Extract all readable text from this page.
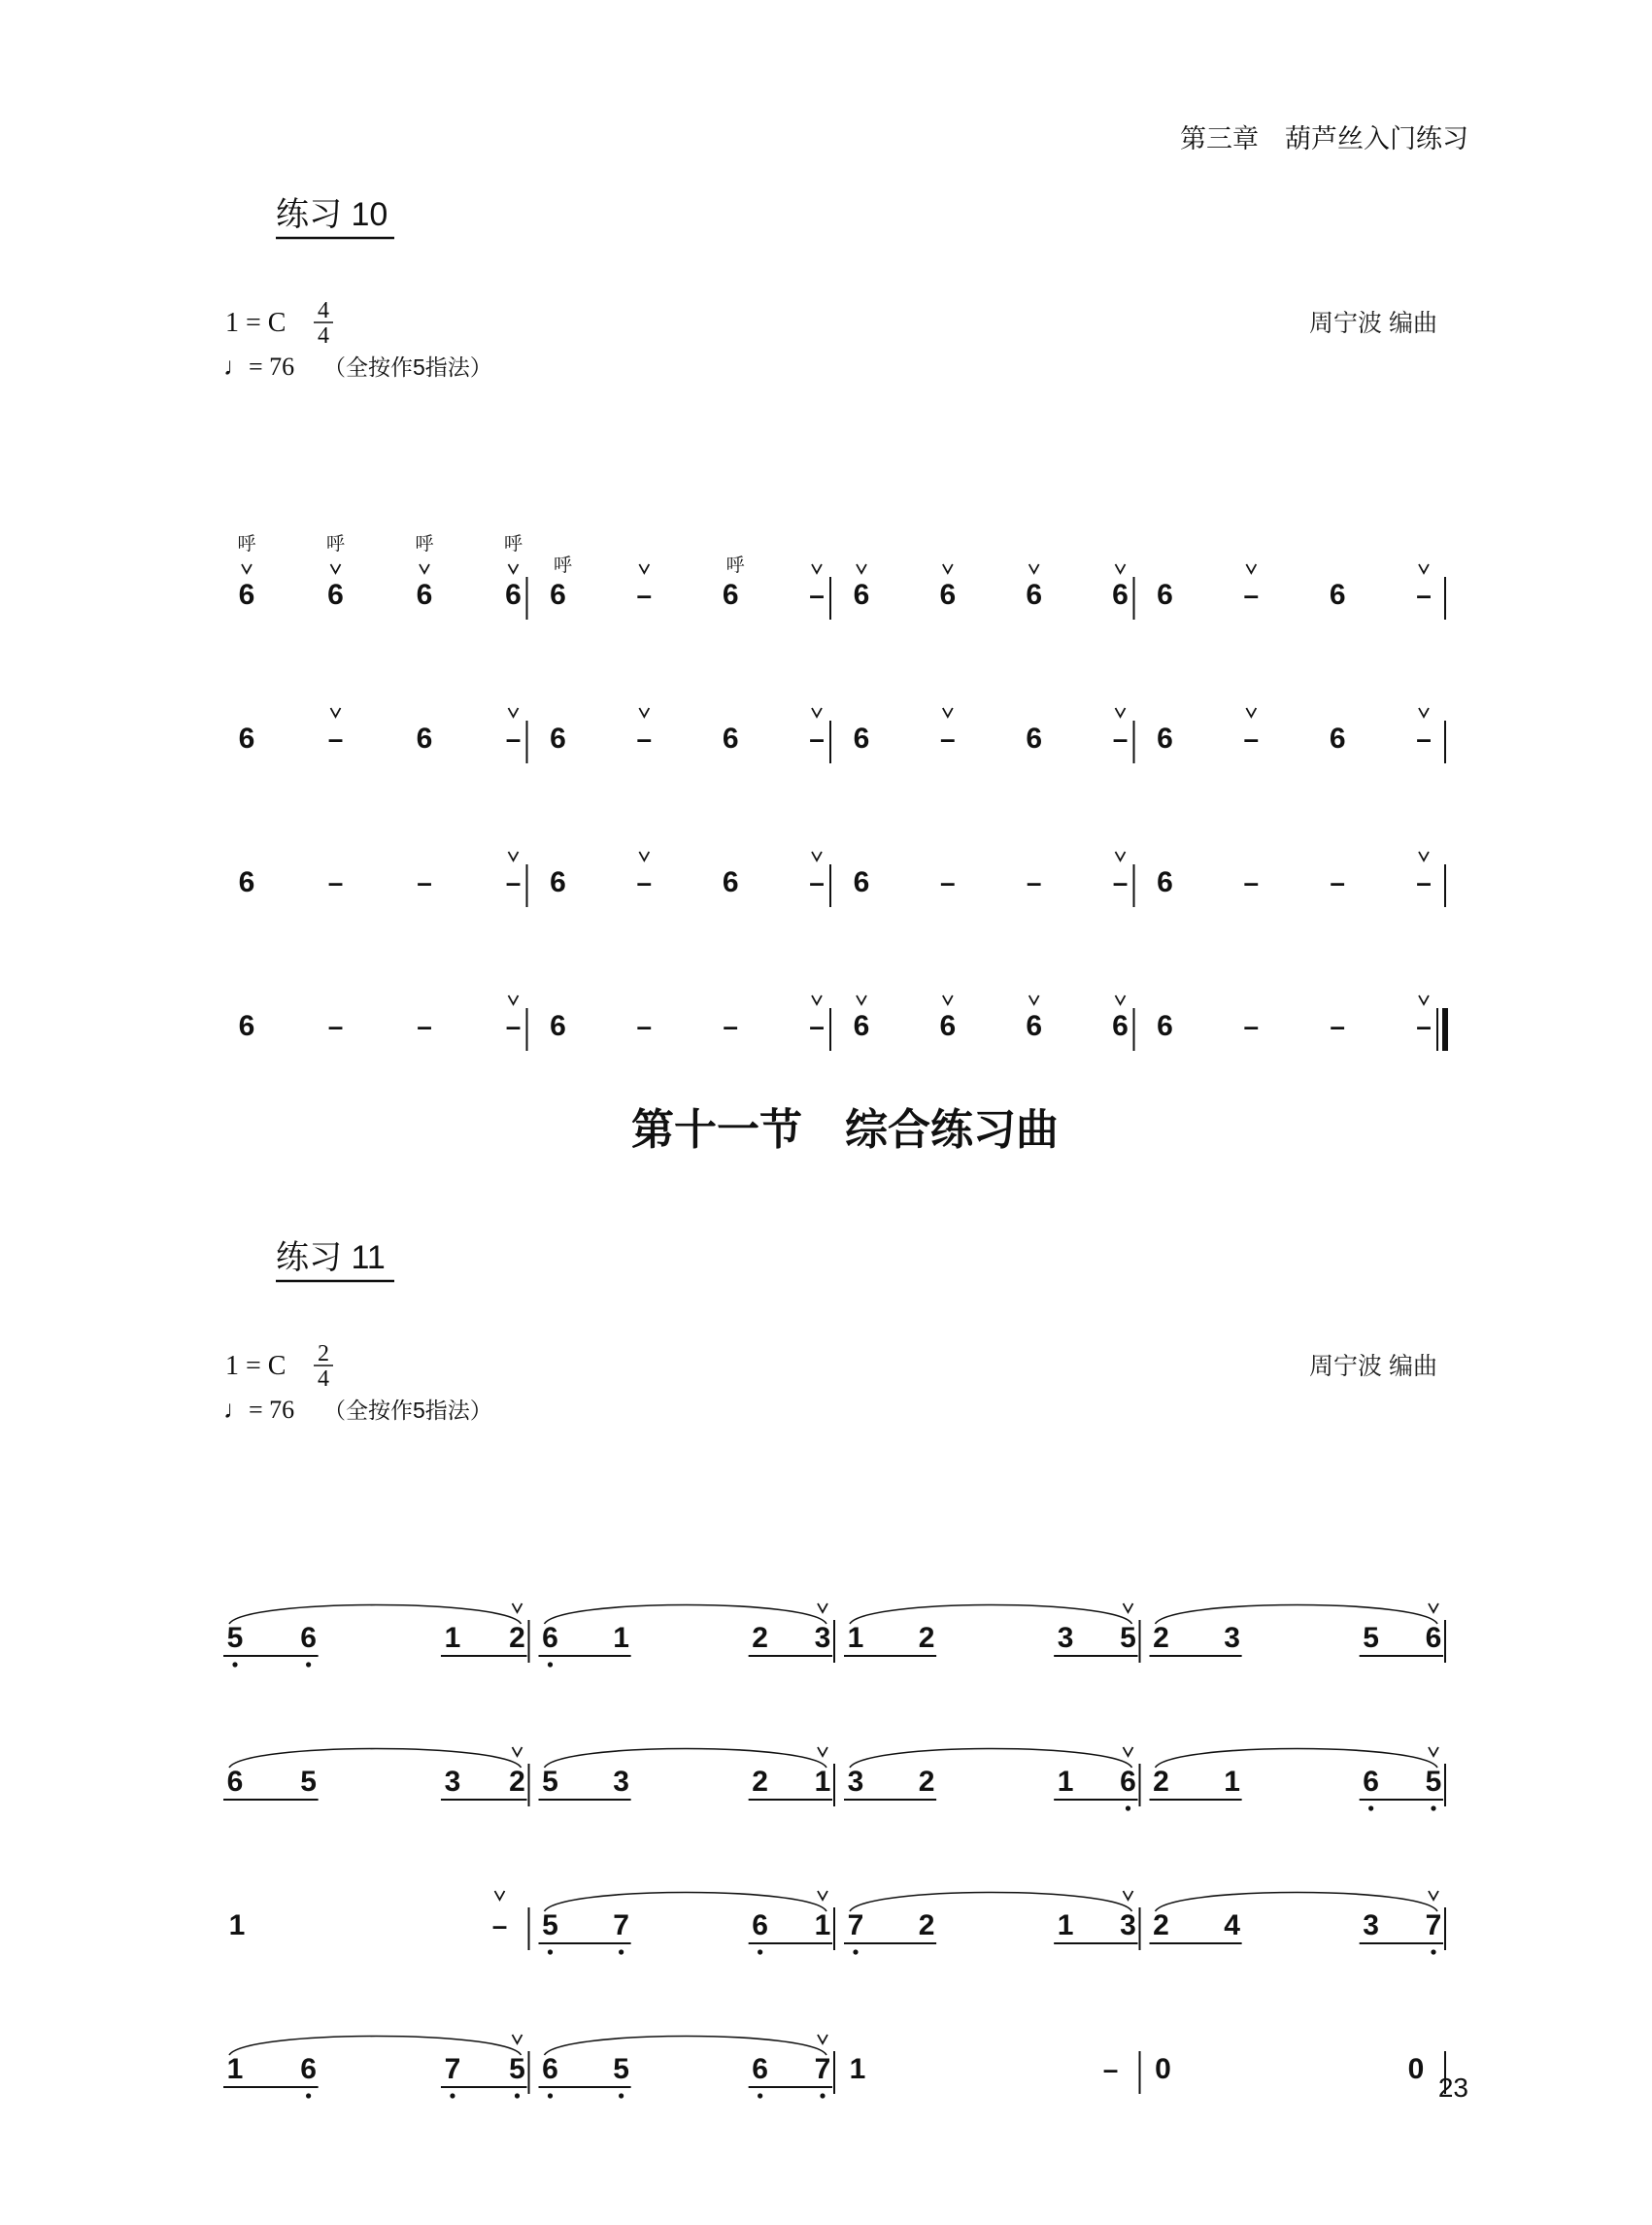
第三章　葫芦丝入门练习
第十一节　综合练习曲
23
练习 10
1 = C 4
4	周宁波 编曲
♩= 76 （全按作5指法）
6
呼
6
呼
6
呼
6
呼
6
呼
– 6
呼
– 6 6 6 6 6	– 6	–
6	–	6	– 6	– 6	– 6	– 6	– 6	– 6	–
6	–	–	– 6	– 6	– 6	–	–	– 6	–	–	–
6	–	–	– 6	–	–	– 6 6 6 6 6	–	–	–
练习 11
1 = C 2
4	周宁波 编曲
♩= 76 （全按作5指法）
5 6	1 2 6 1	2 3 1 2	3 5 2 3	5 6
6 5	3 2 5 3	2 1 3 2	1 6 2 1	6 5
1	– 5 7	6 1 7 2	1 3 2 4	3 7
1 6	7 5 6 5	6 7 1	– 0	0
